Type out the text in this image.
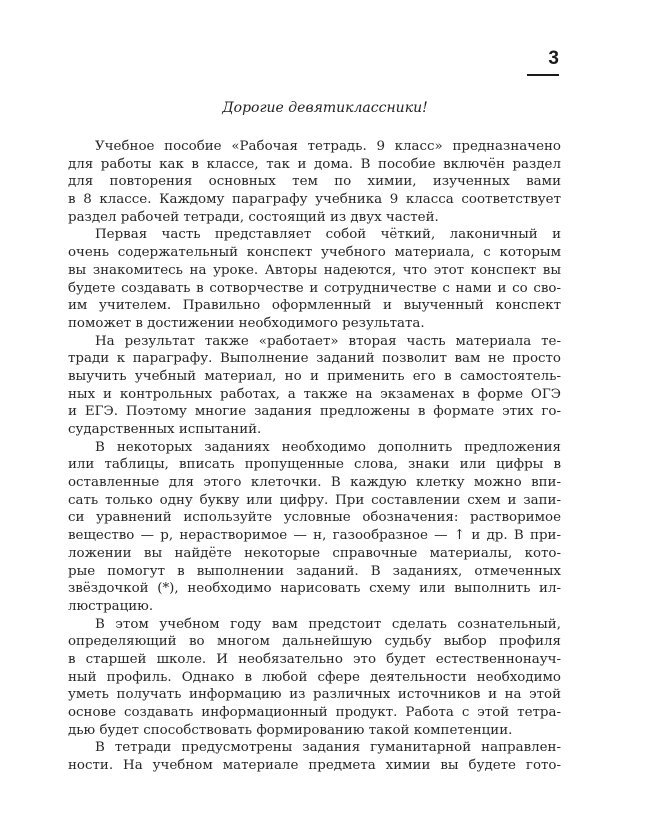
3
Дорогие девятиклассники!
Учебное пособие «Рабочая тетрадь. 9 класс» предназначено
для работы как в классе, так и дома. В пособие включён раздел
для повторения основных тем по химии, изученных вами
в 8 классе. Каждому параграфу учебника 9 класса соответствует
раздел рабочей тетради, состоящий из двух частей.
Первая часть представляет собой чёткий, лаконичный и
очень содержательный конспект учебного материала, с которым
вы знакомитесь на уроке. Авторы надеются, что этот конспект вы
будете создавать в сотворчестве и сотрудничестве с нами и со сво-
им учителем. Правильно оформленный и выученный конспект
поможет в достижении необходимого результата.
На результат также «работает» вторая часть материала те-
тради к параграфу. Выполнение заданий позволит вам не просто
выучить учебный материал, но и применить его в самостоятель-
ных и контрольных работах, а также на экзаменах в форме ОГЭ
и ЕГЭ. Поэтому многие задания предложены в формате этих го-
сударственных испытаний.
В некоторых заданиях необходимо дополнить предложения
или таблицы, вписать пропущенные слова, знаки или цифры в
оставленные для этого клеточки. В каждую клетку можно впи-
сать только одну букву или цифру. При составлении схем и запи-
си уравнений используйте условные обозначения: растворимое
вещество — р, нерастворимое — н, газообразное — ↑ и др. В при-
ложении вы найдёте некоторые справочные материалы, кото-
рые помогут в выполнении заданий. В заданиях, отмеченных
звёздочкой (*), необходимо нарисовать схему или выполнить ил-
люстрацию.
В этом учебном году вам предстоит сделать сознательный,
определяющий во многом дальнейшую судьбу выбор профиля
в старшей школе. И необязательно это будет естественнонауч-
ный профиль. Однако в любой сфере деятельности необходимо
уметь получать информацию из различных источников и на этой
основе создавать информационный продукт. Работа с этой тетра-
дью будет способствовать формированию такой компетенции.
В тетради предусмотрены задания гуманитарной направлен-
ности. На учебном материале предмета химии вы будете гото-
